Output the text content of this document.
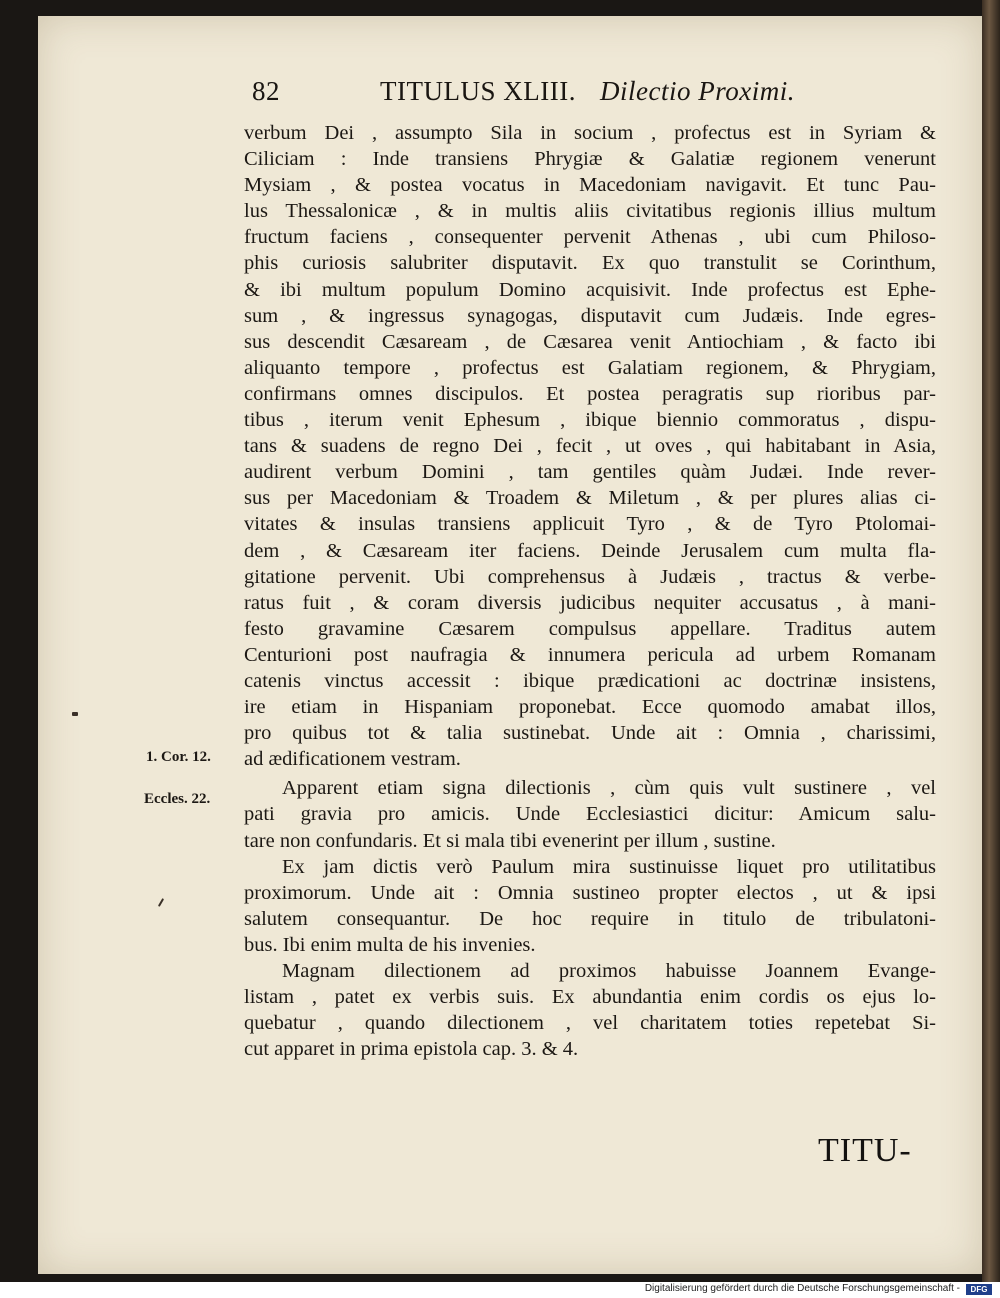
82	TITULUS XLIII. Dilectio Proximi.
verbum Dei , assumpto Sila in socium , profectus est in Syriam &
Ciliciam : Inde transiens Phrygiæ & Galatiæ regionem venerunt
Mysiam , & postea vocatus in Macedoniam navigavit. Et tunc Pau-
lus Thessalonicæ , & in multis aliis civitatibus regionis illius multum
fructum faciens , consequenter pervenit Athenas , ubi cum Philoso-
phis curiosis salubriter disputavit. Ex quo transtulit se Corinthum,
& ibi multum populum Domino acquisivit. Inde profectus est Ephe-
sum , & ingressus synagogas, disputavit cum Judæis. Inde egres-
sus descendit Cæsaream , de Cæsarea venit Antiochiam , & facto ibi
aliquanto tempore , profectus est Galatiam regionem, & Phrygiam,
confirmans omnes discipulos. Et postea peragratis sup rioribus par-
tibus , iterum venit Ephesum , ibique biennio commoratus , dispu-
tans & suadens de regno Dei , fecit , ut oves , qui habitabant in Asia,
audirent verbum Domini , tam gentiles quàm Judæi. Inde rever-
sus per Macedoniam & Troadem & Miletum , & per plures alias ci-
vitates & insulas transiens applicuit Tyro , & de Tyro Ptolomai-
dem , & Cæsaream iter faciens. Deinde Jerusalem cum multa fla-
gitatione pervenit. Ubi comprehensus à Judæis , tractus & verbe-
ratus fuit , & coram diversis judicibus nequiter accusatus , à mani-
festo gravamine Cæsarem compulsus appellare. Traditus autem
Centurioni post naufragia & innumera pericula ad urbem Romanam
catenis vinctus accessit : ibique prædicationi ac doctrinæ insistens,
ire etiam in Hispaniam proponebat. Ecce quomodo amabat illos,
pro quibus tot & talia sustinebat. Unde ait : Omnia , charissimi,
ad ædificationem vestram.
Apparent etiam signa dilectionis , cùm quis vult sustinere , vel
pati gravia pro amicis. Unde Ecclesiastici dicitur: Amicum salu-
tare non confundaris. Et si mala tibi evenerint per illum , sustine.
Ex jam dictis verò Paulum mira sustinuisse liquet pro utilitatibus
proximorum. Unde ait : Omnia sustineo propter electos , ut & ipsi
salutem consequantur. De hoc require in titulo de tribulatoni-
bus. Ibi enim multa de his invenies.
Magnam dilectionem ad proximos habuisse Joannem Evange-
listam , patet ex verbis suis. Ex abundantia enim cordis os ejus lo-
quebatur , quando dilectionem , vel charitatem toties repetebat Si-
cut apparet in prima epistola cap. 3. & 4.
1. Cor. 12.
Eccles. 22.
TITU-
Digitalisierung gefördert durch die Deutsche Forschungsgemeinschaft -	DFG
